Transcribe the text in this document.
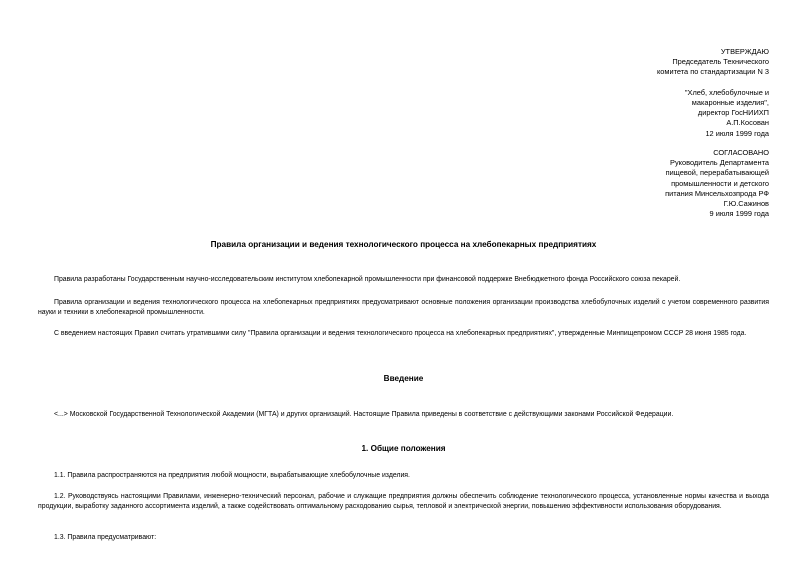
УТВЕРЖДАЮ
Председатель Технического
комитета по стандартизации N 3

"Хлеб, хлебобулочные и
макаронные изделия",
директор ГосНИИХП
А.П.Косован
12 июля 1999 года
СОГЛАСОВАНО
Руководитель Департамента
пищевой, перерабатывающей
промышленности и детского
питания Минсельхозпрода РФ
Г.Ю.Сажинов
9 июля 1999 года
Правила организации и ведения технологического процесса на хлебопекарных предприятиях

Правила разработаны Государственным научно-исследовательским институтом хлебопекарной промышленности при финансовой поддержке Внебюджетного фонда Российского союза пекарей.

Правила организации и ведения технологического процесса на хлебопекарных предприятиях предусматривают основные положения организации производства хлебобулочных изделий с учетом современного развития науки и техники в хлебопекарной промышленности.

С введением настоящих Правил считать утратившими силу "Правила организации и ведения технологического процесса на хлебопекарных предприятиях", утвержденные Минпищепромом СССР 28 июня 1985 года.

Введение

<...> Московской Государственной Технологической Академии (МГТА) и других организаций. Настоящие Правила приведены в соответствие с действующими законами Российской Федерации.

1. Общие положения

1.1. Правила распространяются на предприятия любой мощности, вырабатывающие хлебобулочные изделия.

1.2. Руководствуясь настоящими Правилами, инженерно-технический персонал, рабочие и служащие предприятия должны обеспечить соблюдение технологического процесса, установленные нормы качества и выхода продукции, выработку заданного ассортимента изделий, а также содействовать оптимальному расходованию сырья, тепловой и электрической энергии, повышению эффективности использования оборудования.

1.3. Правила предусматривают:
